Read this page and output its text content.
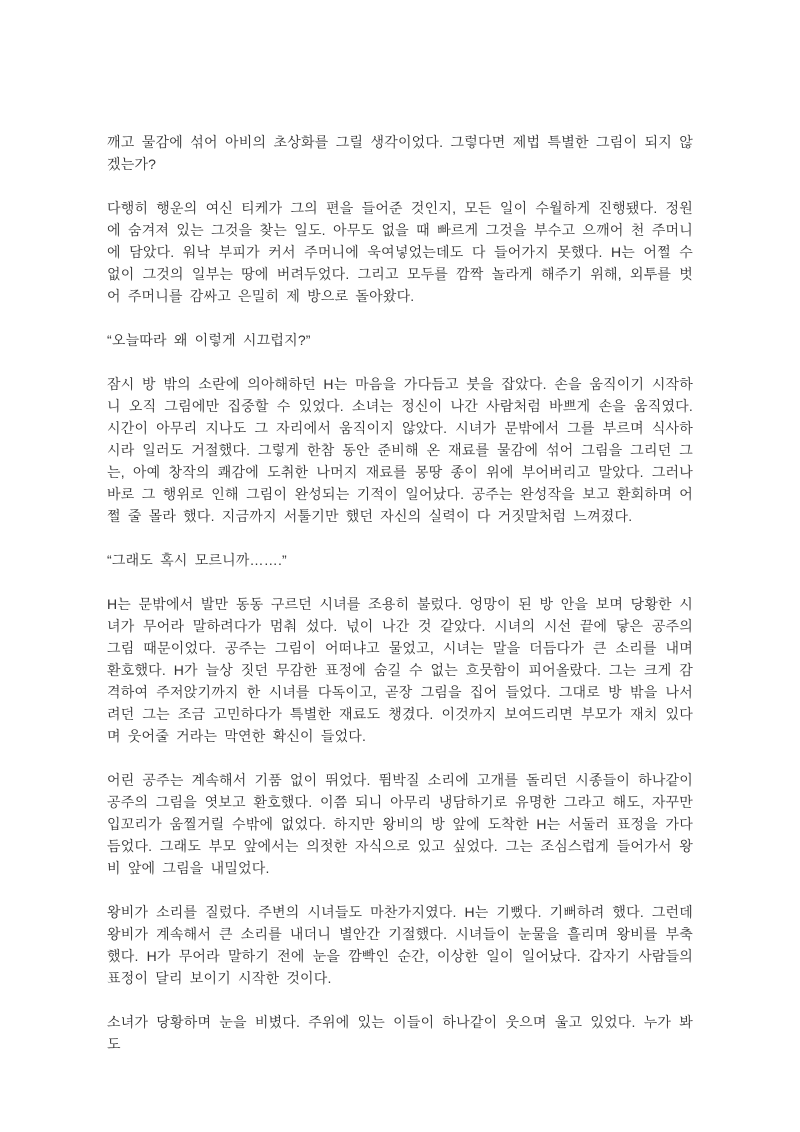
깨고 물감에 섞어 아비의 초상화를 그릴 생각이었다. 그렇다면 제법 특별한 그림이 되지 않겠는가?

다행히 행운의 여신 티케가 그의 편을 들어준 것인지, 모든 일이 수월하게 진행됐다. 정원에 숨겨져 있는 그것을 찾는 일도. 아무도 없을 때 빠르게 그것을 부수고 으깨어 천 주머니에 담았다. 워낙 부피가 커서 주머니에 욱여넣었는데도 다 들어가지 못했다. H는 어쩔 수 없이 그것의 일부는 땅에 버려두었다. 그리고 모두를 깜짝 놀라게 해주기 위해, 외투를 벗어 주머니를 감싸고 은밀히 제 방으로 돌아왔다.

“오늘따라 왜 이렇게 시끄럽지?”

잠시 방 밖의 소란에 의아해하던 H는 마음을 가다듬고 붓을 잡았다. 손을 움직이기 시작하니 오직 그림에만 집중할 수 있었다. 소녀는 정신이 나간 사람처럼 바쁘게 손을 움직였다. 시간이 아무리 지나도 그 자리에서 움직이지 않았다. 시녀가 문밖에서 그를 부르며 식사하시라 일러도 거절했다. 그렇게 한참 동안 준비해 온 재료를 물감에 섞어 그림을 그리던 그는, 아예 창작의 쾌감에 도취한 나머지 재료를 몽땅 종이 위에 부어버리고 말았다. 그러나 바로 그 행위로 인해 그림이 완성되는 기적이 일어났다. 공주는 완성작을 보고 환회하며 어쩔 줄 몰라 했다. 지금까지 서툴기만 했던 자신의 실력이 다 거짓말처럼 느껴졌다.

“그래도 혹시 모르니까…….”

H는 문밖에서 발만 동동 구르던 시녀를 조용히 불렀다. 엉망이 된 방 안을 보며 당황한 시녀가 무어라 말하려다가 멈춰 섰다. 넋이 나간 것 같았다. 시녀의 시선 끝에 닿은 공주의 그림 때문이었다. 공주는 그림이 어떠냐고 물었고, 시녀는 말을 더듬다가 큰 소리를 내며 환호했다. H가 늘상 짓던 무감한 표정에 숨길 수 없는 흐뭇함이 피어올랐다. 그는 크게 감격하여 주저앉기까지 한 시녀를 다독이고, 곧장 그림을 집어 들었다. 그대로 방 밖을 나서려던 그는 조금 고민하다가 특별한 재료도 챙겼다. 이것까지 보여드리면 부모가 재치 있다며 웃어줄 거라는 막연한 확신이 들었다.

어린 공주는 계속해서 기품 없이 뛰었다. 뜀박질 소리에 고개를 돌리던 시종들이 하나같이 공주의 그림을 엿보고 환호했다. 이쯤 되니 아무리 냉담하기로 유명한 그라고 해도, 자꾸만 입꼬리가 움찔거릴 수밖에 없었다. 하지만 왕비의 방 앞에 도착한 H는 서둘러 표정을 가다듬었다. 그래도 부모 앞에서는 의젓한 자식으로 있고 싶었다. 그는 조심스럽게 들어가서 왕비 앞에 그림을 내밀었다.

왕비가 소리를 질렀다. 주변의 시녀들도 마찬가지였다. H는 기뻤다. 기뻐하려 했다. 그런데 왕비가 계속해서 큰 소리를 내더니 별안간 기절했다. 시녀들이 눈물을 흘리며 왕비를 부축했다. H가 무어라 말하기 전에 눈을 깜빡인 순간, 이상한 일이 일어났다. 갑자기 사람들의 표정이 달리 보이기 시작한 것이다.

소녀가 당황하며 눈을 비볐다. 주위에 있는 이들이 하나같이 웃으며 울고 있었다. 누가 봐도
